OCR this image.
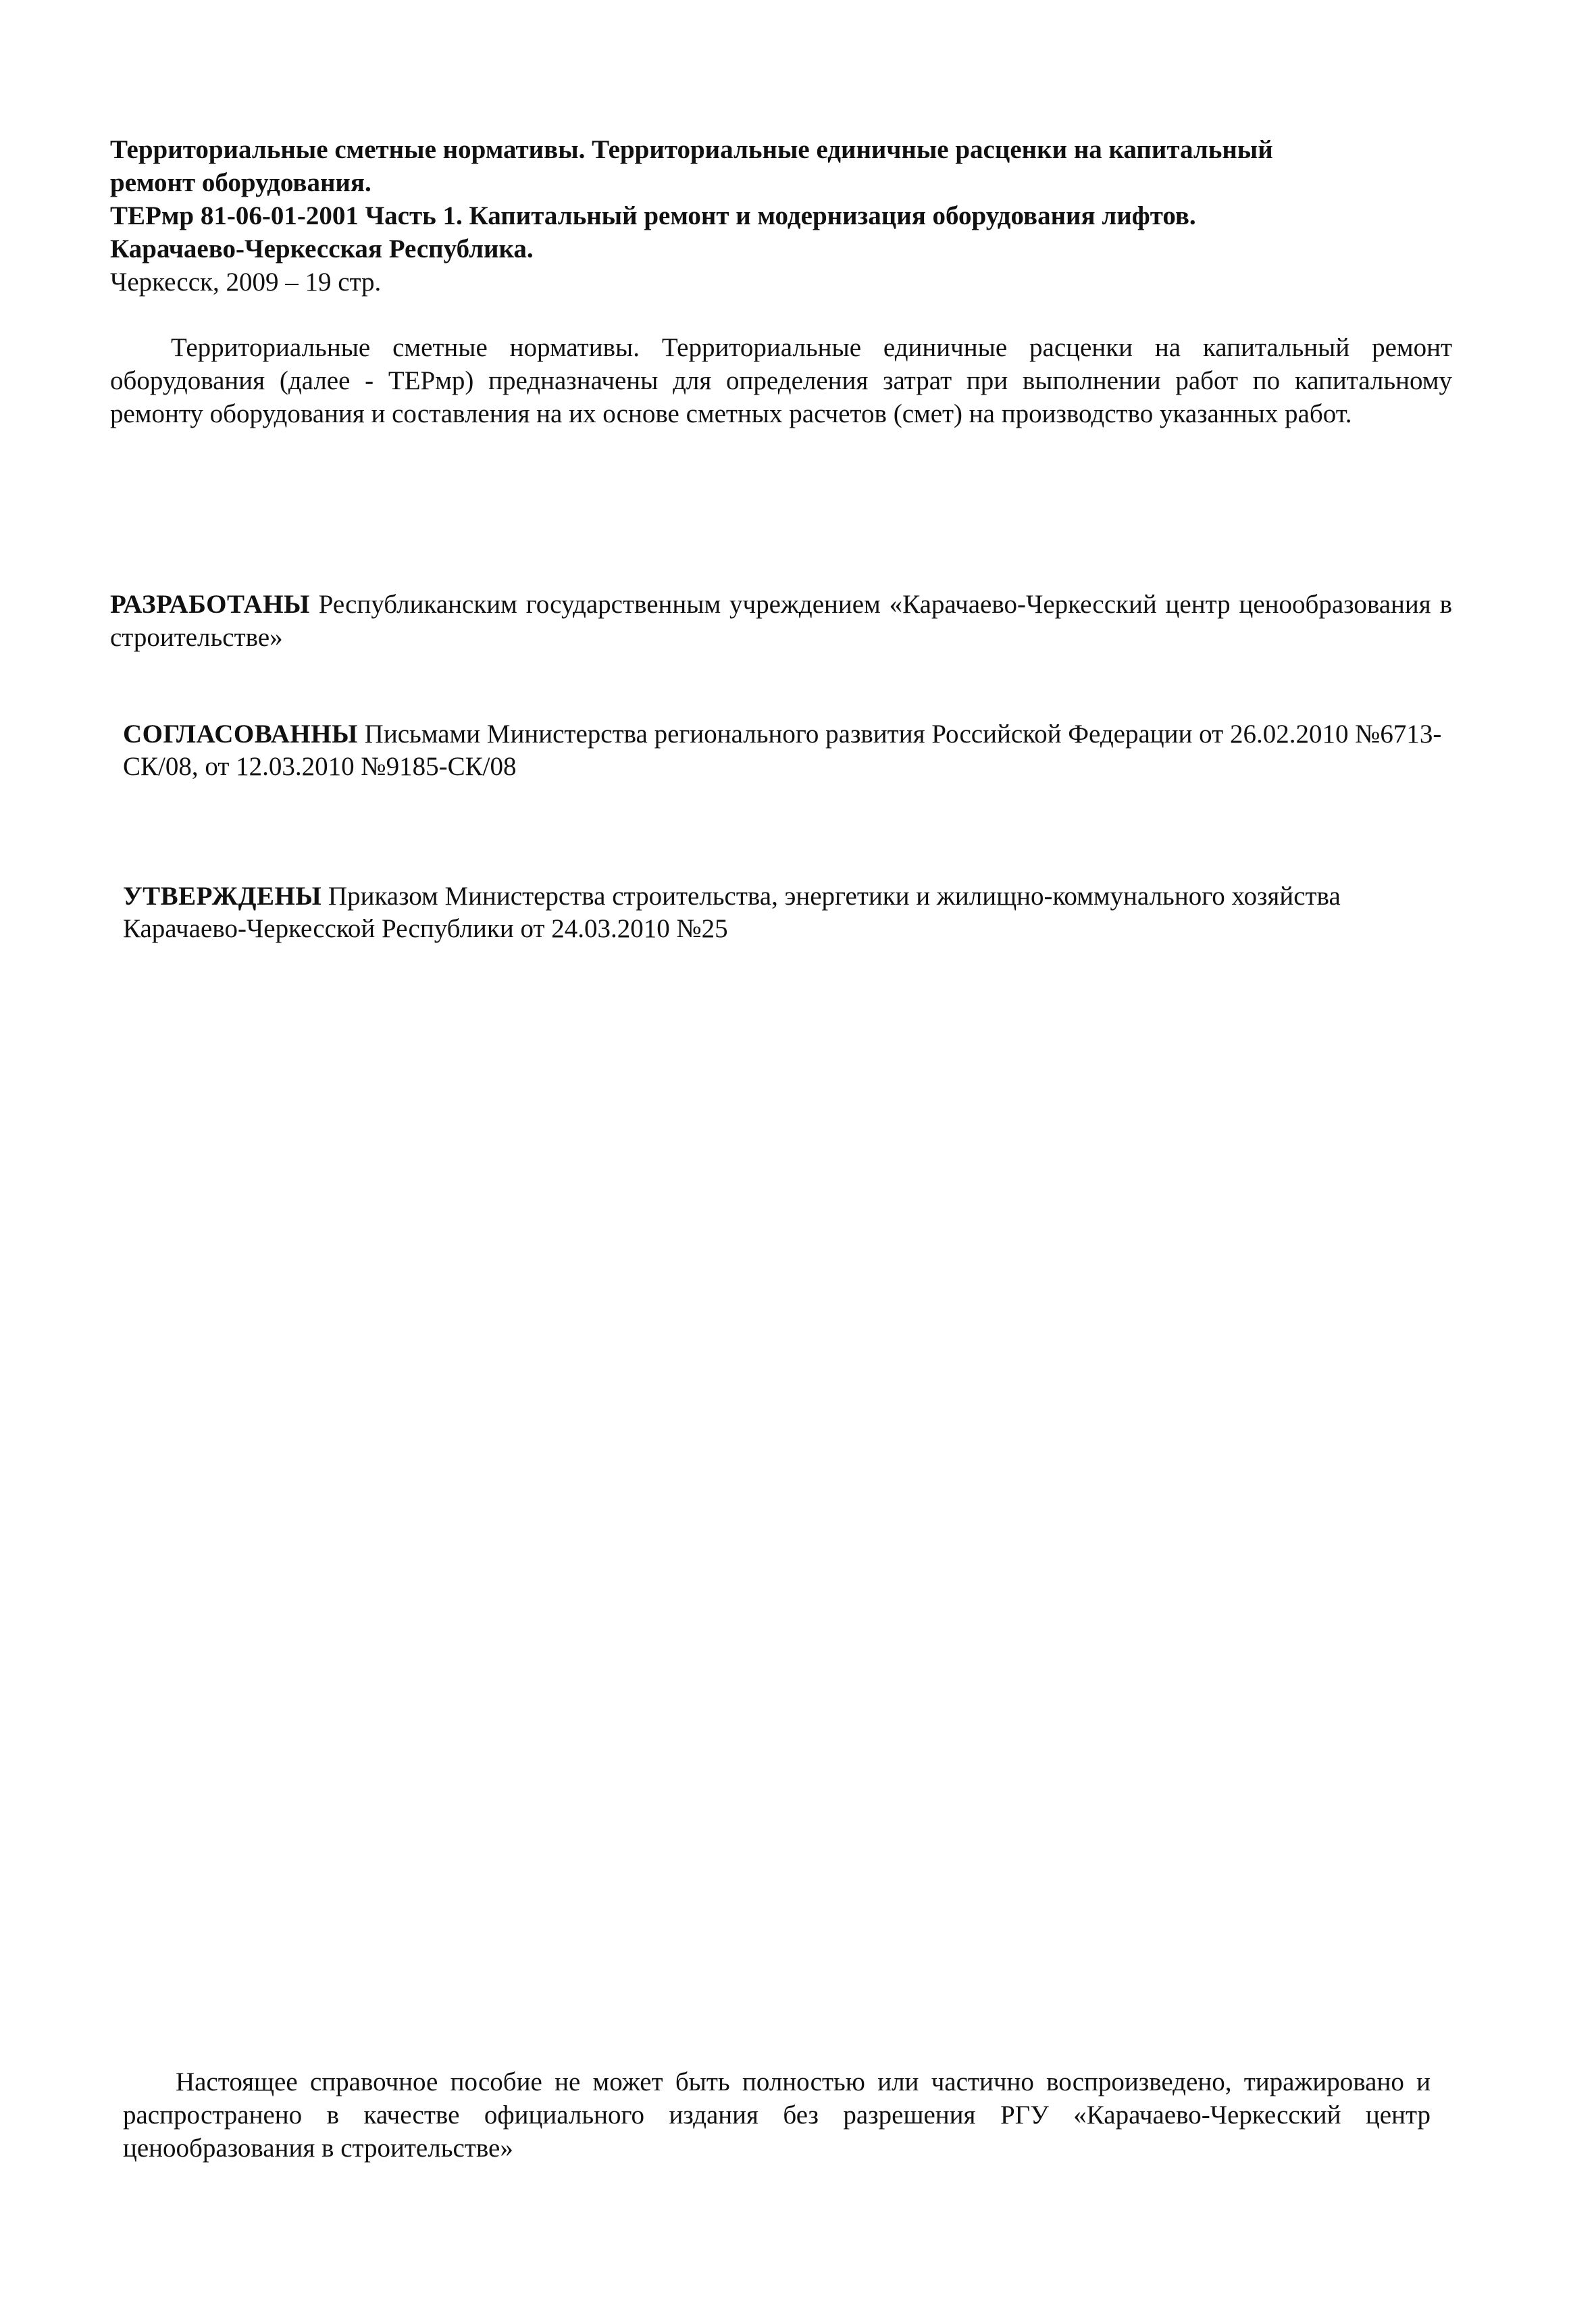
Территориальные сметные нормативы. Территориальные единичные расценки на капитальный
ремонт оборудования.
ТЕРмр 81-06-01-2001 Часть 1. Капитальный ремонт и модернизация оборудования лифтов.
Карачаево-Черкесская Республика.
Черкесск, 2009 – 19 стр.

Территориальные сметные нормативы. Территориальные единичные расценки на капитальный ремонт оборудования (далее - ТЕРмр) предназначены для определения затрат при выполнении работ по капитальному ремонту оборудования и составления на их основе сметных расчетов (смет) на производство указанных работ.

РАЗРАБОТАНЫ Республиканским государственным учреждением «Карачаево-Черкесский центр ценообразования в строительстве»

СОГЛАСОВАННЫ Письмами Министерства регионального развития Российской Федерации от 26.02.2010 №6713-СК/08, от 12.03.2010 №9185-СК/08

УТВЕРЖДЕНЫ Приказом Министерства строительства, энергетики и жилищно-коммунального хозяйства Карачаево-Черкесской Республики от 24.03.2010 №25

Настоящее справочное пособие не может быть полностью или частично воспроизведено, тиражировано и распространено в качестве официального издания без разрешения РГУ «Карачаево-Черкесский центр ценообразования в строительстве»
